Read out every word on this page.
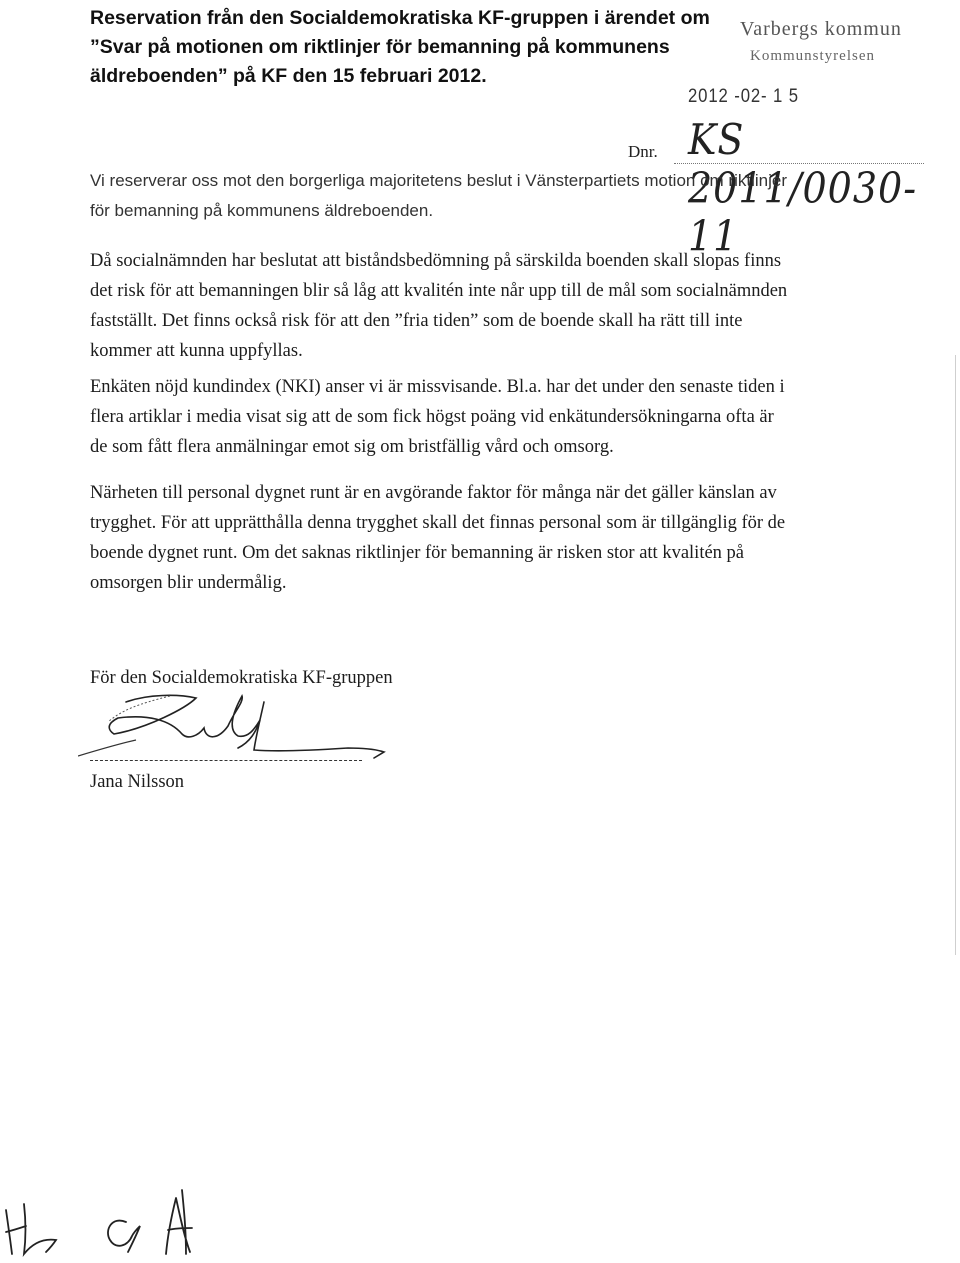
Reservation från den Socialdemokratiska KF-gruppen i ärendet om
”Svar på motionen om riktlinjer för bemanning på kommunens
äldreboenden” på KF den 15 februari 2012.
Varbergs kommun
Kommunstyrelsen
2012 -02- 1 5
Dnr. KS 2011/0030-11
Vi reserverar oss mot den borgerliga majoritetens beslut i Vänsterpartiets motion om riktlinjer
för bemanning på kommunens äldreboenden.
Då socialnämnden har beslutat att biståndsbedömning på särskilda boenden skall slopas finns
det risk för att bemanningen blir så låg att kvalitén inte når upp till de mål som socialnämnden
fastställt. Det finns också risk för att den ”fria tiden” som de boende skall ha rätt till inte
kommer att kunna uppfyllas.
Enkäten nöjd kundindex (NKI) anser vi är missvisande. Bl.a. har det under den senaste tiden i
flera artiklar i media visat sig att de som fick högst poäng vid enkätundersökningarna ofta är
de som fått flera anmälningar emot sig om bristfällig vård och omsorg.
Närheten till personal dygnet runt är en avgörande faktor för många när det gäller känslan av
trygghet. För att upprätthålla denna trygghet skall det finnas personal som är tillgänglig för de
boende dygnet runt. Om det saknas riktlinjer för bemanning är risken stor att kvalitén på
omsorgen blir undermålig.
För den Socialdemokratiska KF-gruppen
Jana Nilsson
